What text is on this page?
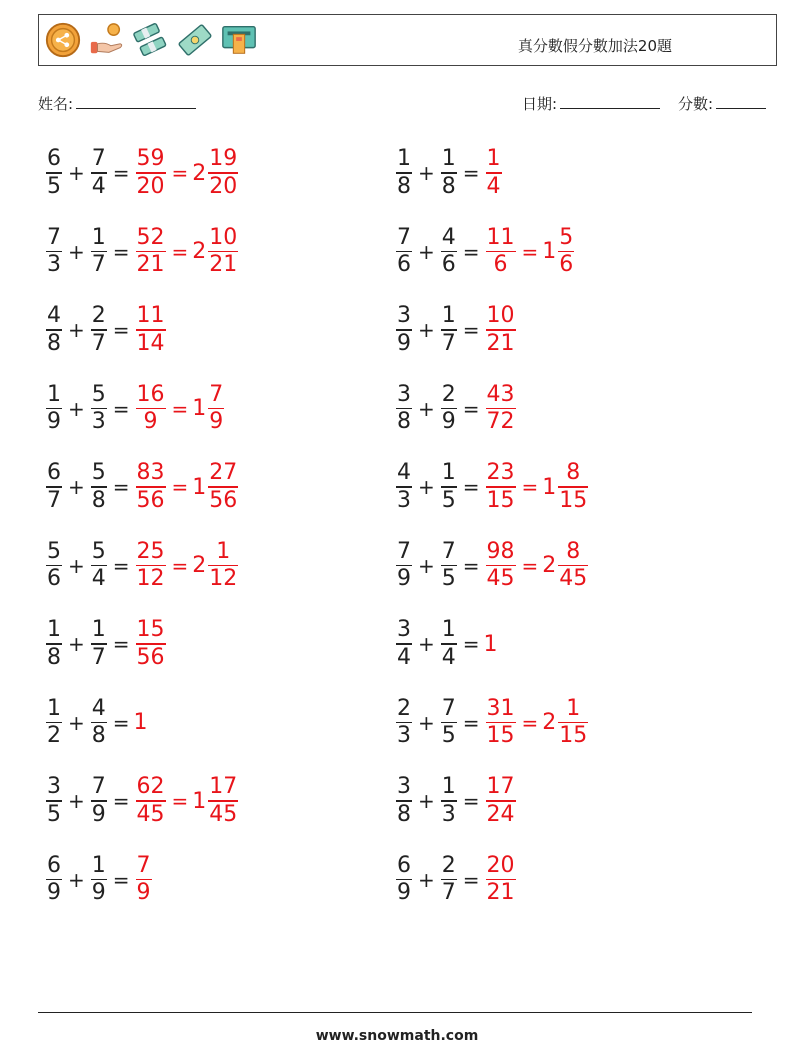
真分數假分數加法20題
姓名:	日期:	分數:
$\frac{6}{5} + \frac{7}{4} = \frac{59}{20} = 2 \frac{19}{20}$	$\frac{1}{8} + \frac{1}{8} = \frac{1}{4}$
$\frac{7}{3} + \frac{1}{7} = \frac{52}{21} = 2 \frac{10}{21}$	$\frac{7}{6} + \frac{4}{6} = \frac{11}{6} = 1 \frac{5}{6}$
$\frac{4}{8} + \frac{2}{7} = \frac{11}{14}$	$\frac{3}{9} + \frac{1}{7} = \frac{10}{21}$
$\frac{1}{9} + \frac{5}{3} = \frac{16}{9} = 1 \frac{7}{9}$	$\frac{3}{8} + \frac{2}{9} = \frac{43}{72}$
$\frac{6}{7} + \frac{5}{8} = \frac{83}{56} = 1 \frac{27}{56}$	$\frac{4}{3} + \frac{1}{5} = \frac{23}{15} = 1 \frac{8}{15}$
$\frac{5}{6} + \frac{5}{4} = \frac{25}{12} = 2 \frac{1}{12}$	$\frac{7}{9} + \frac{7}{5} = \frac{98}{45} = 2 \frac{8}{45}$
$\frac{1}{8} + \frac{1}{7} = \frac{15}{56}$	$\frac{3}{4} + \frac{1}{4} = 1$
$\frac{1}{2} + \frac{4}{8} = 1$	$\frac{2}{3} + \frac{7}{5} = \frac{31}{15} = 2 \frac{1}{15}$
$\frac{3}{5} + \frac{7}{9} = \frac{62}{45} = 1 \frac{17}{45}$	$\frac{3}{8} + \frac{1}{3} = \frac{17}{24}$
$\frac{6}{9} + \frac{1}{9} = \frac{7}{9}$	$\frac{6}{9} + \frac{2}{7} = \frac{20}{21}$
www.snowmath.com
